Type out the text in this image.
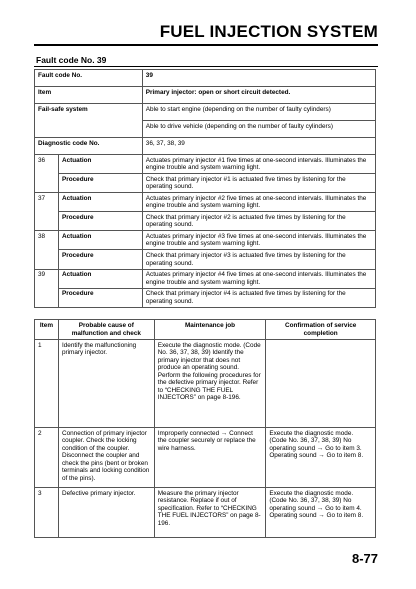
FUEL INJECTION SYSTEM
Fault code No. 39
Fault code No.		39
Item		Primary injector: open or short circuit detected.
Fail-safe system		Able to start engine (depending on the number of faulty cylinders)
		Able to drive vehicle (depending on the number of faulty cylinders)
Diagnostic code No.		36, 37, 38, 39
36	Actuation	Actuates primary injector #1 five times at one-second intervals. Illuminates the engine trouble and system warning light.
	Procedure	Check that primary injector #1 is actuated five times by listening for the operating sound.
37	Actuation	Actuates primary injector #2 five times at one-second intervals. Illuminates the engine trouble and system warning light.
	Procedure	Check that primary injector #2 is actuated five times by listening for the operating sound.
38	Actuation	Actuates primary injector #3 five times at one-second intervals. Illuminates the engine trouble and system warning light.
	Procedure	Check that primary injector #3 is actuated five times by listening for the operating sound.
39	Actuation	Actuates primary injector #4 five times at one-second intervals. Illuminates the engine trouble and system warning light.
	Procedure	Check that primary injector #4 is actuated five times by listening for the operating sound.
Item	Probable cause of malfunction and check	Maintenance job	Confirmation of service completion
1	Identify the malfunctioning primary injector.	Execute the diagnostic mode. (Code No. 36, 37, 38, 39) Identify the primary injector that does not produce an operating sound. Perform the following procedures for the defective primary injector. Refer to “CHECKING THE FUEL INJECTORS” on page 8-196.	
2	Connection of primary injector coupler. Check the locking condition of the coupler. Disconnect the coupler and check the pins (bent or broken terminals and locking condition of the pins).	Improperly connected → Connect the coupler securely or replace the wire harness.	Execute the diagnostic mode. (Code No. 36, 37, 38, 39) No operating sound → Go to item 3. Operating sound → Go to item 8.
3	Defective primary injector.	Measure the primary injector resistance. Replace if out of specification. Refer to “CHECKING THE FUEL INJECTORS” on page 8-196.	Execute the diagnostic mode. (Code No. 36, 37, 38, 39) No operating sound → Go to item 4. Operating sound → Go to item 8.
8-77
